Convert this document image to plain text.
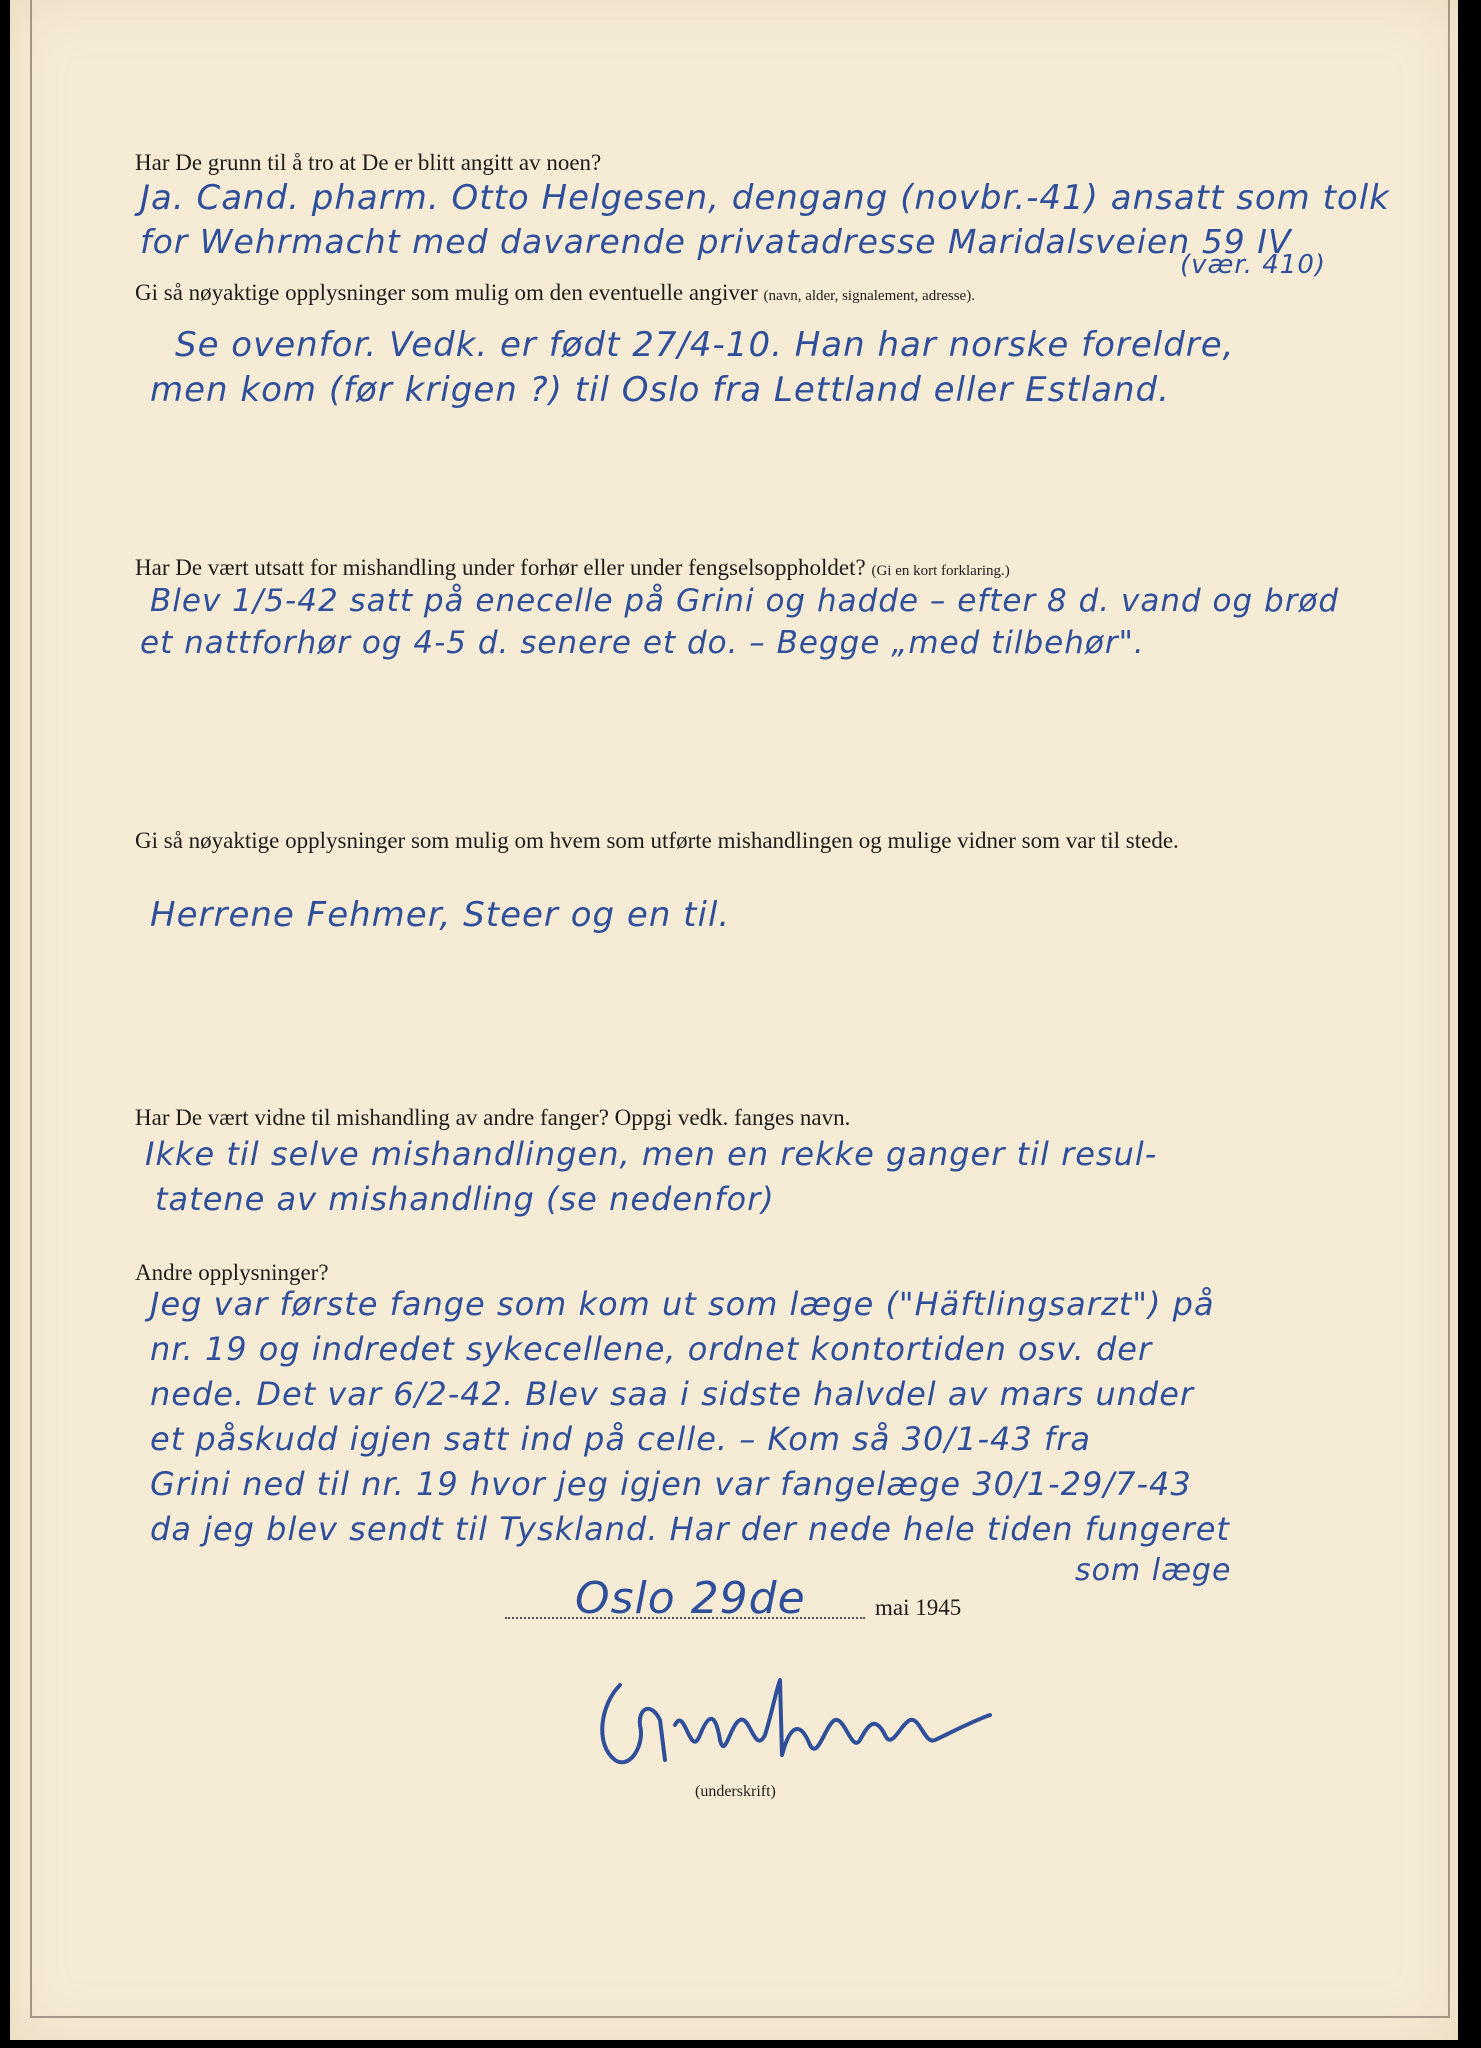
Har De grunn til å tro at De er blitt angitt av noen?
Ja. Cand. pharm. Otto Helgesen, dengang (novbr.-41) ansatt som tolk
for Wehrmacht med davarende privatadresse Maridalsveien 59 IV
(vær. 410)
Gi så nøyaktige opplysninger som mulig om den eventuelle angiver (navn, alder, signalement, adresse).
Se ovenfor. Vedk. er født 27/4-10. Han har norske foreldre,
men kom (før krigen ?) til Oslo fra Lettland eller Estland.
Har De vært utsatt for mishandling under forhør eller under fengselsoppholdet? (Gi en kort forklaring.)
Blev 1/5-42 satt på enecelle på Grini og hadde – efter 8 d. vand og brød
et nattforhør og 4-5 d. senere et do. – Begge „med tilbehør".
Gi så nøyaktige opplysninger som mulig om hvem som utførte mishandlingen og mulige vidner som var til stede.
Herrene Fehmer, Steer og en til.
Har De vært vidne til mishandling av andre fanger? Oppgi vedk. fanges navn.
Ikke til selve mishandlingen, men en rekke ganger til resul-
tatene av mishandling (se nedenfor)
Andre opplysninger?
Jeg var første fange som kom ut som læge ("Häftlingsarzt") på
nr. 19 og indredet sykecellene, ordnet kontortiden osv. der
nede. Det var 6/2-42. Blev saa i sidste halvdel av mars under
et påskudd igjen satt ind på celle. – Kom så 30/1-43 fra
Grini ned til nr. 19 hvor jeg igjen var fangelæge 30/1-29/7-43
da jeg blev sendt til Tyskland. Har der nede hele tiden fungeret
som læge
Oslo 29de	mai 1945
(underskrift)
